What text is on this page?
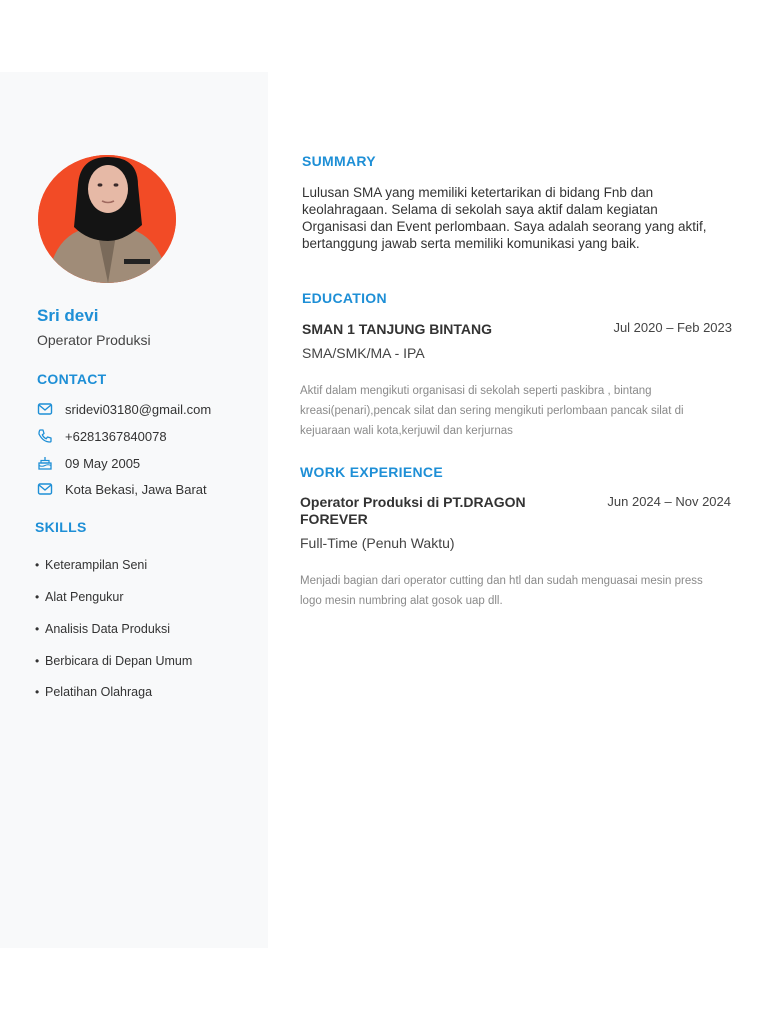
Sri devi
Operator Produksi
CONTACT
sridevi03180@gmail.com
+6281367840078
09 May 2005
Kota Bekasi, Jawa Barat
SKILLS
• Keterampilan Seni
• Alat Pengukur
• Analisis Data Produksi
• Berbicara di Depan Umum
• Pelatihan Olahraga
SUMMARY
Lulusan SMA yang memiliki ketertarikan di bidang Fnb dan keolahragaan. Selama di sekolah saya aktif dalam kegiatan Organisasi dan Event perlombaan. Saya adalah seorang yang aktif, bertanggung jawab serta memiliki komunikasi yang baik.
EDUCATION
SMAN 1 TANJUNG BINTANG	Jul 2020 – Feb 2023
SMA/SMK/MA - IPA
Aktif dalam mengikuti organisasi di sekolah seperti paskibra , bintang kreasi(penari),pencak silat dan sering mengikuti perlombaan pancak silat di kejuaraan wali kota,kerjuwil dan kerjurnas
WORK EXPERIENCE
Operator Produksi di PT.DRAGON
FOREVER
Jun 2024 – Nov 2024
Full-Time (Penuh Waktu)
Menjadi bagian dari operator cutting dan htl dan sudah menguasai mesin press logo mesin numbring alat gosok uap dll.
